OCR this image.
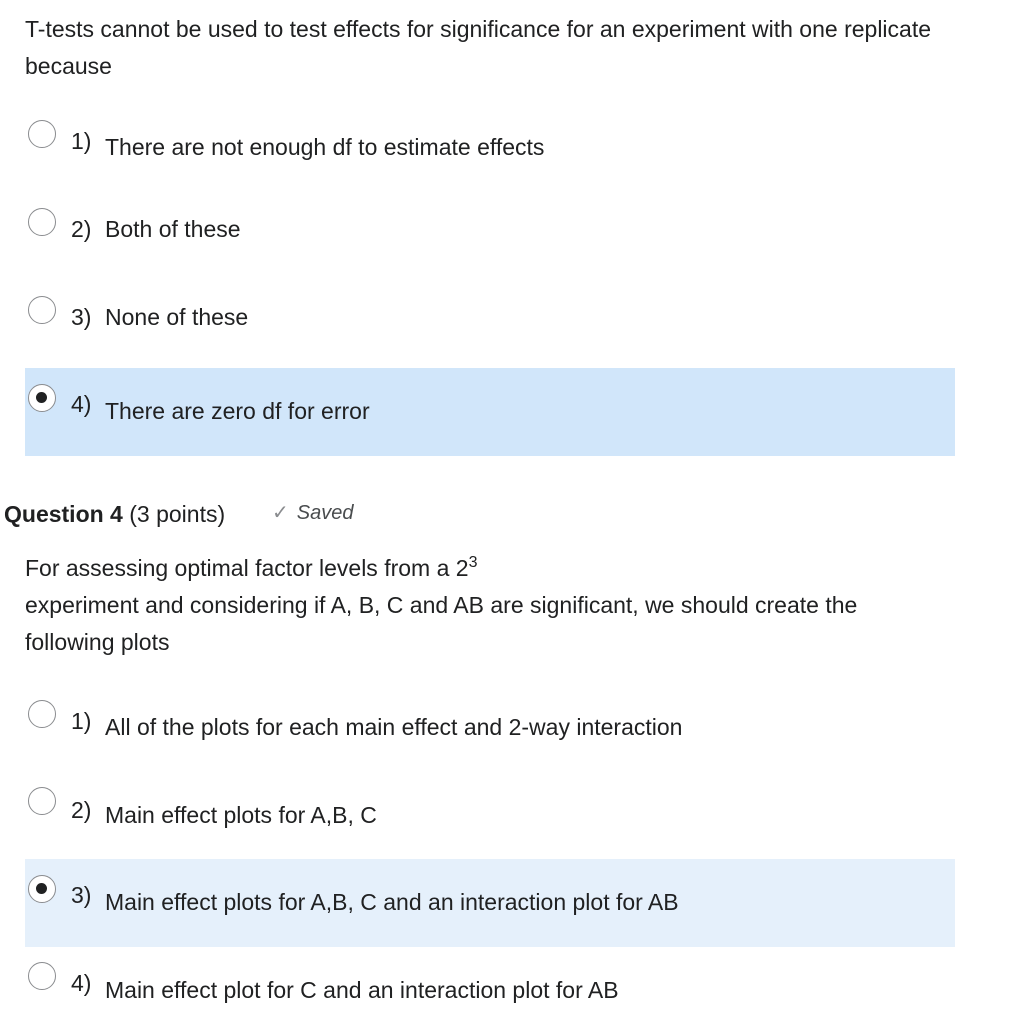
T-tests cannot be used to test effects for significance for an experiment with one replicate because
1) There are not enough df to estimate effects
2) Both of these
3) None of these
4) There are zero df for error
Question 4 (3 points) ✓ Saved
For assessing optimal factor levels from a $2^3$
experiment and considering if A, B, C and AB are significant, we should create the following plots
1) All of the plots for each main effect and 2-way interaction
2) Main effect plots for A,B, C
3) Main effect plots for A,B, C and an interaction plot for AB
4) Main effect plot for C and an interaction plot for AB
